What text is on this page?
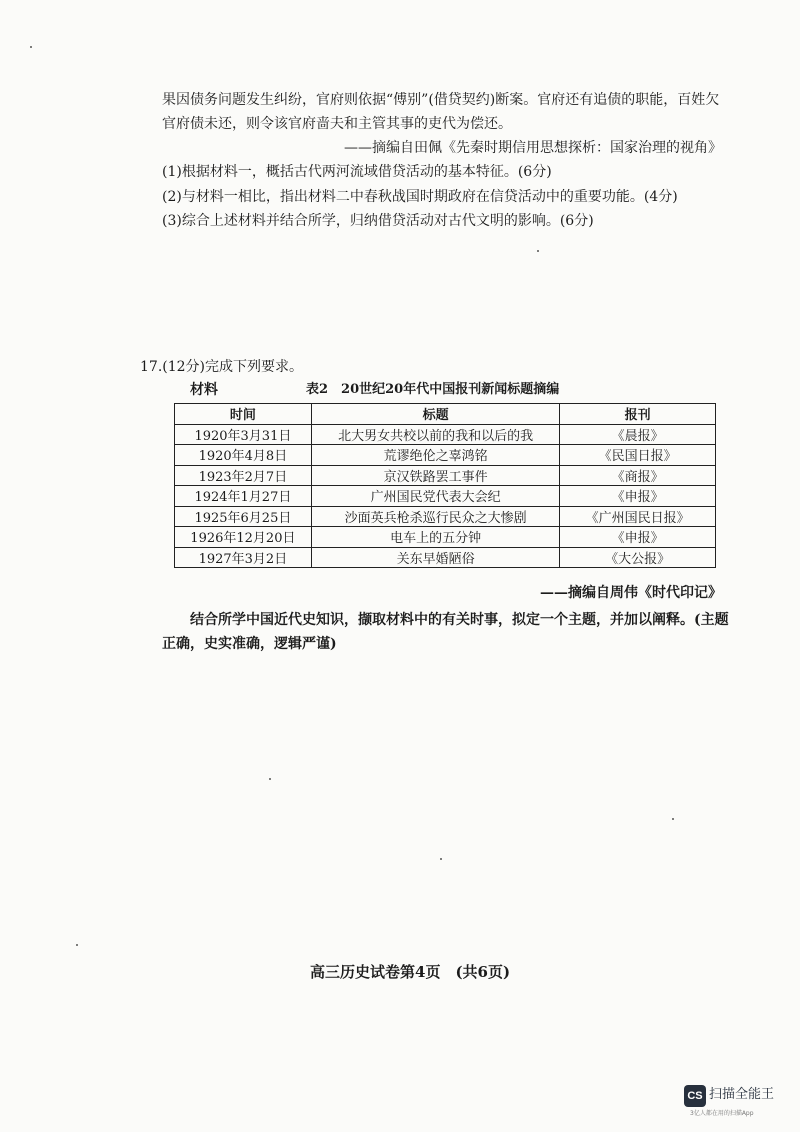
果因债务问题发生纠纷，官府则依据“傅别”(借贷契约)断案。官府还有追债的职能，百姓欠
官府债未还，则令该官府啬夫和主管其事的吏代为偿还。
——摘编自田佩《先秦时期信用思想探析：国家治理的视角》
(1)根据材料一，概括古代两河流域借贷活动的基本特征。(6分)
(2)与材料一相比，指出材料二中春秋战国时期政府在信贷活动中的重要功能。(4分)
(3)综合上述材料并结合所学，归纳借贷活动对古代文明的影响。(6分)
17.(12分)完成下列要求。
材料	表2　20世纪20年代中国报刊新闻标题摘编
时间	标题	报刊
1920年3月31日	北大男女共校以前的我和以后的我	《晨报》
1920年4月8日	荒谬绝伦之辜鸿铭	《民国日报》
1923年2月7日	京汉铁路罢工事件	《商报》
1924年1月27日	广州国民党代表大会纪	《申报》
1925年6月25日	沙面英兵枪杀巡行民众之大惨剧	《广州国民日报》
1926年12月20日	电车上的五分钟	《申报》
1927年3月2日	关东早婚陋俗	《大公报》
——摘编自周伟《时代印记》
结合所学中国近代史知识，撷取材料中的有关时事，拟定一个主题，并加以阐释。(主题
正确，史实准确，逻辑严谨)
高三历史试卷第4页　(共6页)
CS 扫描全能王
3亿人都在用的扫描App
